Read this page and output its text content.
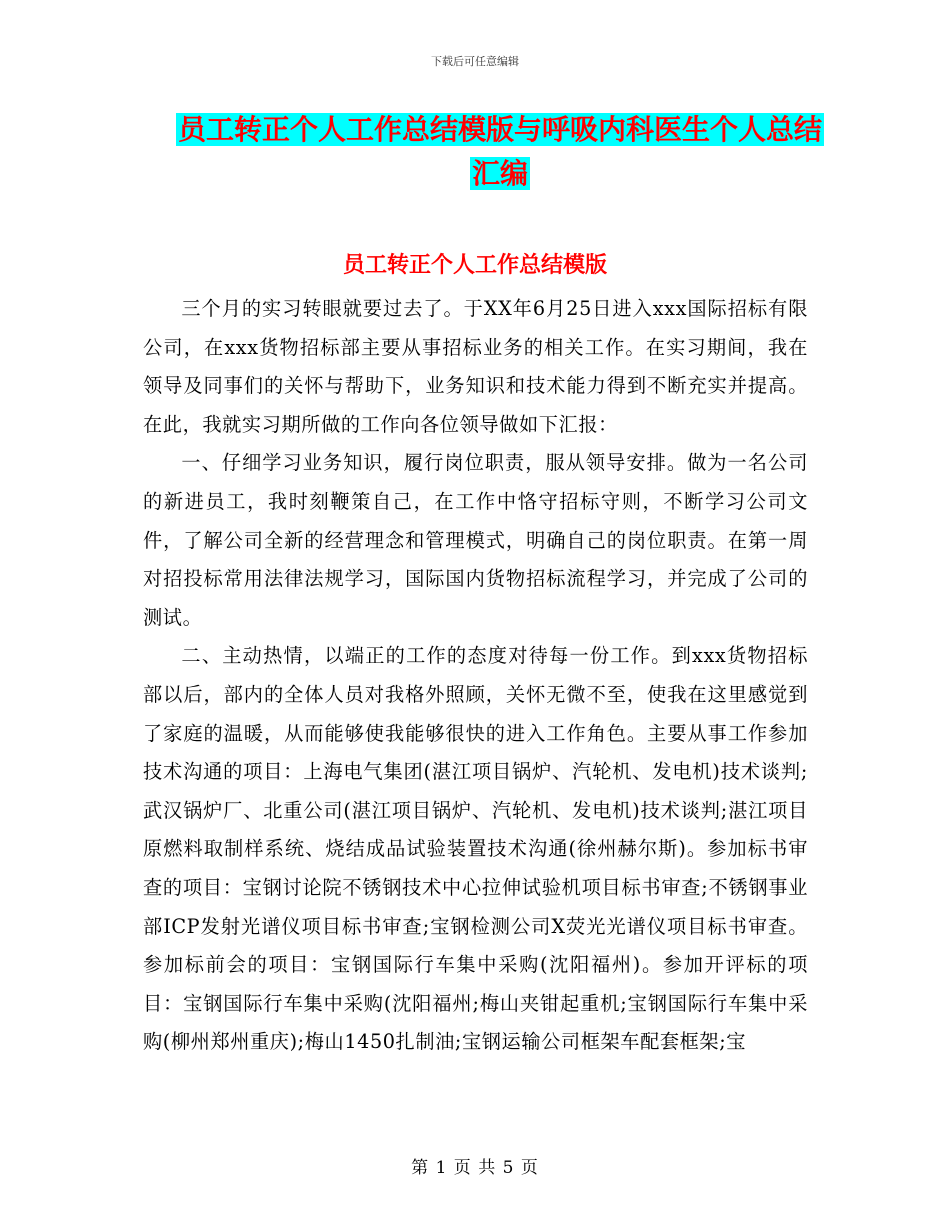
下载后可任意编辑
员工转正个人工作总结模版与呼吸内科医生个人总结
汇编
员工转正个人工作总结模版

三个月的实习转眼就要过去了。于XX年6月25日进入xxx国际招标有限公司，在xxx货物招标部主要从事招标业务的相关工作。在实习期间，我在领导及同事们的关怀与帮助下，业务知识和技术能力得到不断充实并提高。在此，我就实习期所做的工作向各位领导做如下汇报：

一、仔细学习业务知识，履行岗位职责，服从领导安排。做为一名公司的新进员工，我时刻鞭策自己，在工作中恪守招标守则，不断学习公司文件，了解公司全新的经营理念和管理模式，明确自己的岗位职责。在第一周对招投标常用法律法规学习，国际国内货物招标流程学习，并完成了公司的测试。

二、主动热情，以端正的工作的态度对待每一份工作。到xxx货物招标部以后，部内的全体人员对我格外照顾，关怀无微不至，使我在这里感觉到了家庭的温暖，从而能够使我能够很快的进入工作角色。主要从事工作参加技术沟通的项目：上海电气集团(湛江项目锅炉、汽轮机、发电机)技术谈判;武汉锅炉厂、北重公司(湛江项目锅炉、汽轮机、发电机)技术谈判;湛江项目原燃料取制样系统、烧结成品试验装置技术沟通(徐州赫尔斯)。参加标书审查的项目：宝钢讨论院不锈钢技术中心拉伸试验机项目标书审查;不锈钢事业部ICP发射光谱仪项目标书审查;宝钢检测公司X荧光光谱仪项目标书审查。参加标前会的项目：宝钢国际行车集中采购(沈阳福州)。参加开评标的项目：宝钢国际行车集中采购(沈阳福州;梅山夹钳起重机;宝钢国际行车集中采购(柳州郑州重庆);梅山1450扎制油;宝钢运输公司框架车配套框架;宝

第 1 页 共 5 页
